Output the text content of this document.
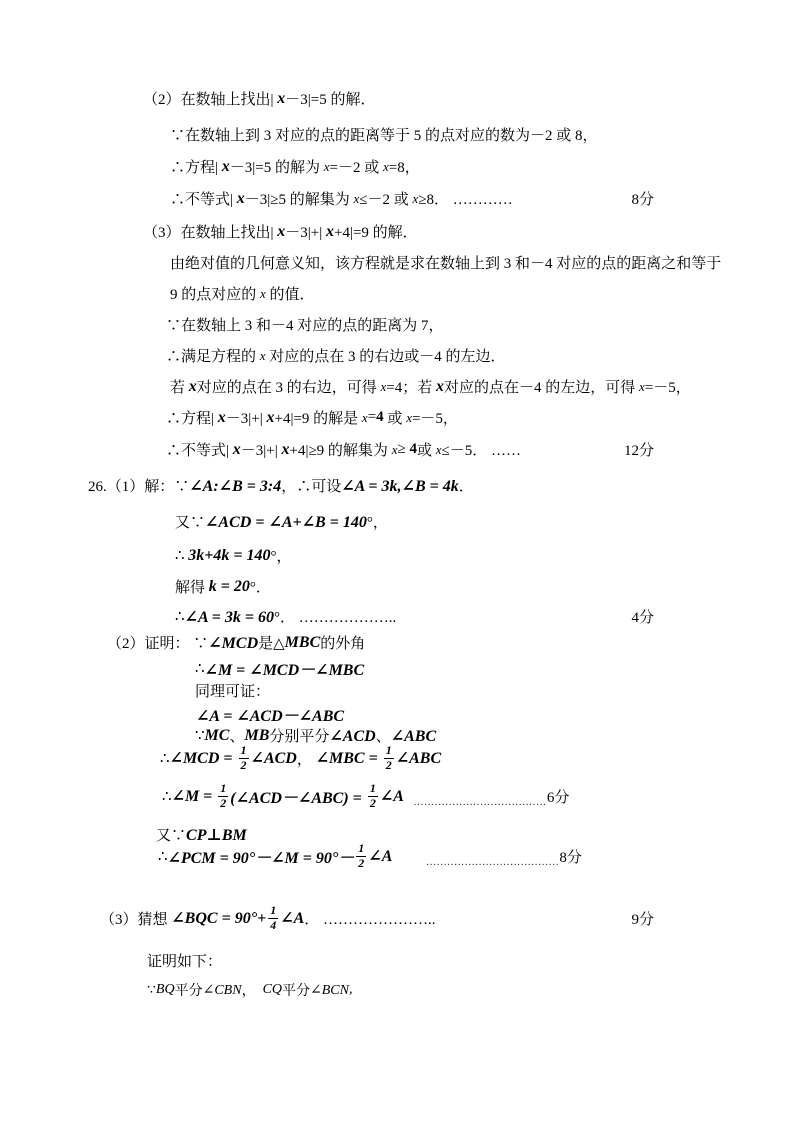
（2）在数轴上找出| x －3|=5 的解．
∵在数轴上到 3 对应的点的距离等于 5 的点对应的数为－2 或 8，
∴方程| x －3|=5 的解为 x =－2 或 x =8，
∴不等式| x －3|≥5 的解集为 x ≤－2 或 x ≥8． …………	8分
（3）在数轴上找出| x －3|+| x +4|=9 的解．
由绝对值的几何意义知，该方程就是求在数轴上到 3 和－4 对应的点的距离之和等于
9 的点对应的 x 的值．
∵在数轴上 3 和－4 对应的点的距离为 7，
∴满足方程的 x 对应的点在 3 的右边或－4 的左边．
若 x 对应的点在 3 的右边，可得 x =4；若 x 对应的点在－4 的左边，可得 x =－5，
∴方程| x －3|+| x +4|=9 的解是 x = 4 或 x =－5，
∴不等式| x －3|+| x +4|≥9 的解集为 x ≥ 4 或 x ≤－5． ……	12分
26.（1）解：∵ ∠A:∠B = 3:4 ，∴可设 ∠A = 3k,∠B = 4k ．
又∵ ∠ACD = ∠A+∠B = 140 °，
∴ 3k+4k = 140 °，
解得 k = 20 °．
∴ ∠A = 3k = 60 °． ………………..	4分
（2）证明： ∵ ∠MCD 是△ MBC 的外角
∴ ∠M = ∠MCD－∠MBC
同理可证：
∠A = ∠ACD－∠ABC
∵ MC 、 MB 分别平分 ∠ACD 、 ∠ABC
∴ ∠MCD = $\frac{1}{2}$ ∠ACD ， ∠MBC = $\frac{1}{2}$ ∠ABC
∴ ∠M = $\frac{1}{2}$ (∠ACD－∠ABC) = $\frac{1}{2}$ ∠A ...................................... 6分
又∵ CP⊥BM
∴ ∠PCM = 90°－∠M = $90^\circ- \frac{1}{2}$ ∠A	...................................... 8分
（3）猜想 ∠BQC = $90^\circ+ \frac{1}{4}$ ∠A ． …………………..	9分
证明如下：
∵ BQ 平分 ∠CBN ， CQ 平分 ∠BCN ,
